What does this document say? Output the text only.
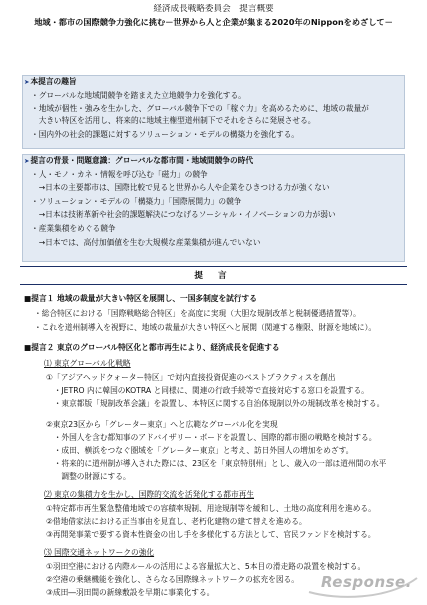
経済成長戦略委員会　提言概要
地域・都市の国際競争力強化に挑む－世界から人と企業が集まる2020年のNipponをめざして－
➤本提言の趣旨
・グローバルな地域間競争を踏まえた立地競争力を強化する。
・地域が個性・強みを生かした、グローバル競争下での「稼ぐ力」を高めるために、地域の裁量が
　大きい特区を活用し、将来的に地域主権型道州制下でそれをさらに発展させる。
・国内外の社会的課題に対するソリューション・モデルの構築力を強化する。
➤提言の背景・問題意識：グローバルな都市間・地域間競争の時代
・人・モノ・カネ・情報を呼び込む「磁力」の競争
　→日本の主要都市は、国際比較で見ると世界から人や企業をひきつける力が強くない
・ソリューション・モデルの「構築力」「国際展開力」の競争
　→日本は技術革新や社会的課題解決につなげるソーシャル・イノベーションの力が弱い
・産業集積をめぐる競争
　→日本では、高付加価値を生む大規模な産業集積が進んでいない
提 言
■提言１ 地域の裁量が大きい特区を展開し、一国多制度を試行する
・総合特区における「国際戦略総合特区」を高度に実現（大胆な規制改革と税制優遇措置等）。
・これを道州制導入を視野に、地域の裁量が大きい特区へと展開（関連する権限、財源を地域に）。
■提言２ 東京のグローバル特区化と都市再生により、経済成長を促進する
⑴ 東京グローバル化戦略
①「アジアヘッドクォーター特区」で対内直接投資促進のベストプラクティスを創出
　・JETRO 内に韓国のKOTRA と同様に、関連の行政手続等で直接対応する窓口を設置する。
　・東京都版「規制改革会議」を設置し、本特区に関する自治体規制以外の規制改革を検討する。
②東京23区から「グレーター東京」へと広範なグローバル化を実現
　・外国人を含む都知事のアドバイザリー・ボードを設置し、国際的都市圏の戦略を検討する。
　・成田、横浜をつなぐ圏域を「グレーター東京」と考え、訪日外国人の増加をめざす。
　・将来的に道州制が導入された際には、23区を「東京特別州」とし、歳入の一部は道州間の水平
　　調整の財源にする。
⑵ 東京の集積力を生かし、国際的交流を活発化する都市再生
①特定都市再生緊急整備地域での容積率規制、用途規制等を緩和し、土地の高度利用を進める。
②借地借家法における正当事由を見直し、老朽化建物の建て替えを進める。
③再開発事業で要する資本性資金の出し手を多様化する方法として、官民ファンドを検討する。
⑶ 国際交通ネットワークの強化
①羽田空港における内際ルールの活用による容量拡大と、5本目の滑走路の設置を検討する。
②空港の乗継機能を強化し、さらなる国際線ネットワークの拡充を図る。
③成田―羽田間の新線敷設を早期に事業化する。
Response.
